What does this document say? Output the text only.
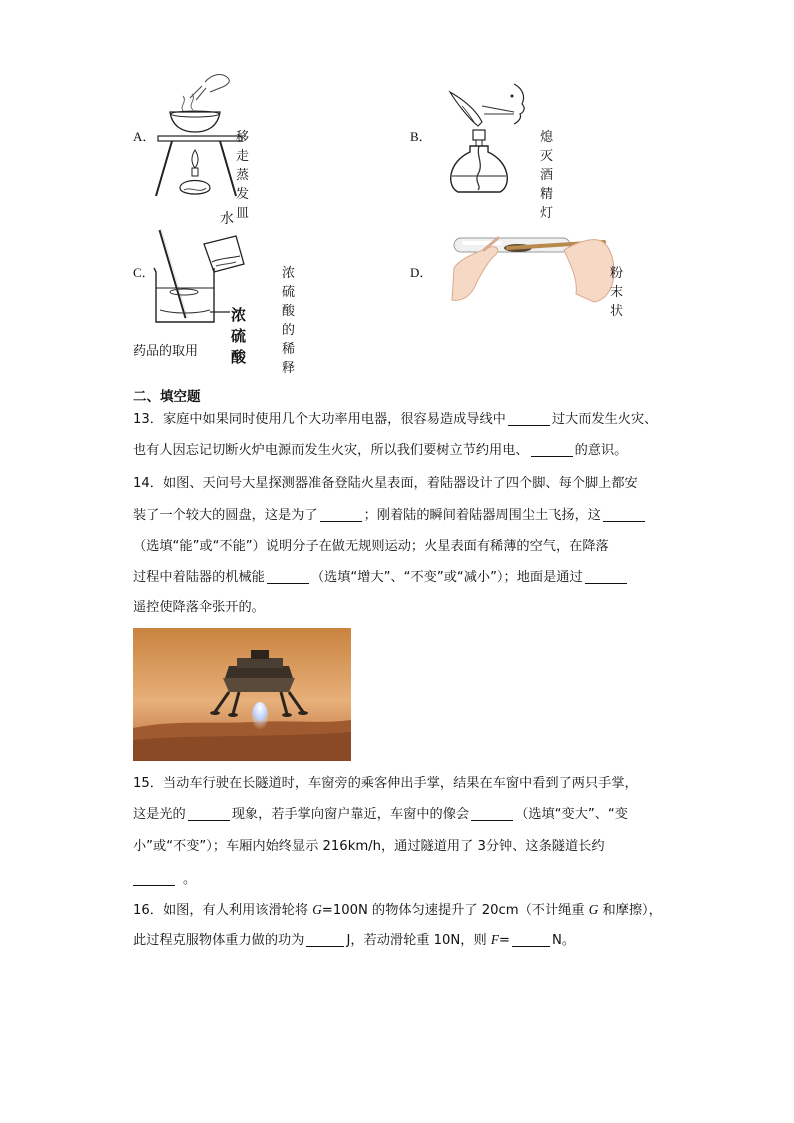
A．	移走蒸发皿
B．	熄灭酒精灯
C．
水
浓硫酸
浓硫酸的稀释
D．	粉末状
药品的取用
二、填空题
13．家庭中如果同时使用几个大功率用电器，很容易造成导线中	过大而发生火灾、
也有人因忘记切断火炉电源而发生火灾，所以我们要树立节约用电、	的意识。
14．如图、天问号大星探测器准备登陆火星表面，着陆器设计了四个脚、每个脚上都安
装了一个较大的圆盘，这是为了	；刚着陆的瞬间着陆器周围尘土飞扬，这
（选填“能”或“不能”）说明分子在做无规则运动；火星表面有稀薄的空气，在降落
过程中着陆器的机械能	（选填“增大”、“不变”或“减小”）；地面是通过
遥控使降落伞张开的。
15．当动车行驶在长隧道时，车窗旁的乘客伸出手掌，结果在车窗中看到了两只手掌，
这是光的	现象，若手掌向窗户靠近，车窗中的像会	（选填“变大”、“变
小”或“不变”）；车厢内始终显示 216km/h，通过隧道用了 3分钟、这条隧道长约
。
16．如图，有人利用该滑轮将 G=100N 的物体匀速提升了 20cm（不计绳重 G 和摩擦），
此过程克服物体重力做的功为	J，若动滑轮重 10N，则 F=	N。
